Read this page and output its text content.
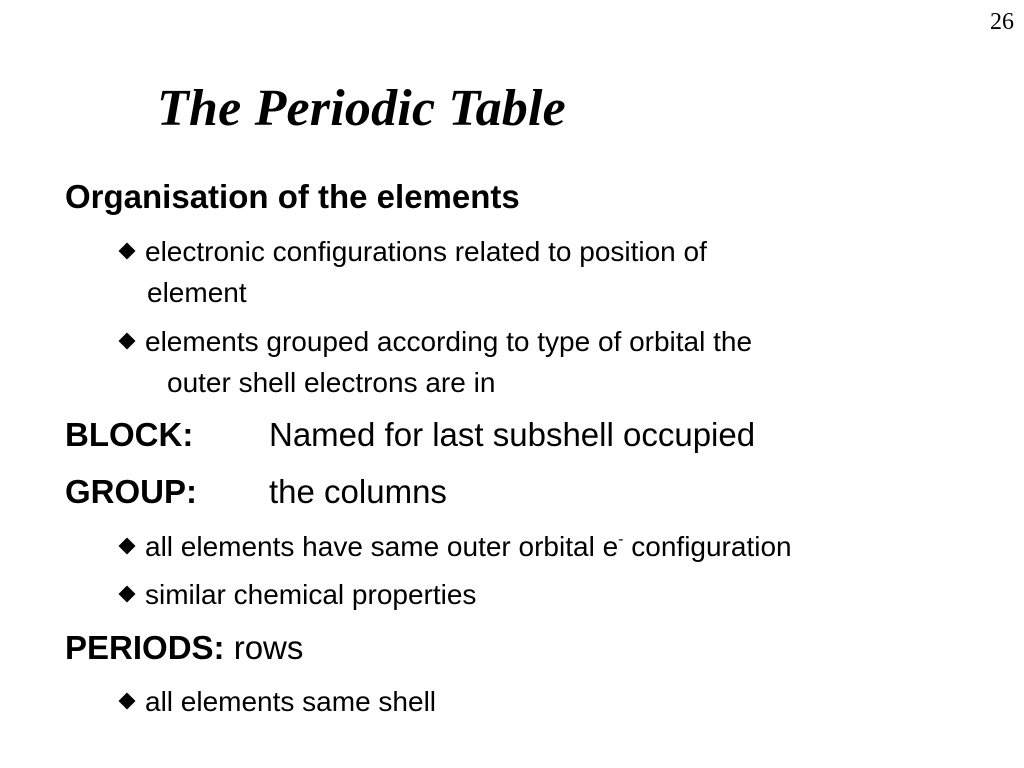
26
The Periodic Table
Organisation of the elements
electronic configurations related to position of
element
elements grouped according to type of orbital the
outer shell electrons are in
BLOCK: Named for last subshell occupied
GROUP: the columns
all elements have same outer orbital e- configuration
similar chemical properties
PERIODS: rows
all elements same shell
